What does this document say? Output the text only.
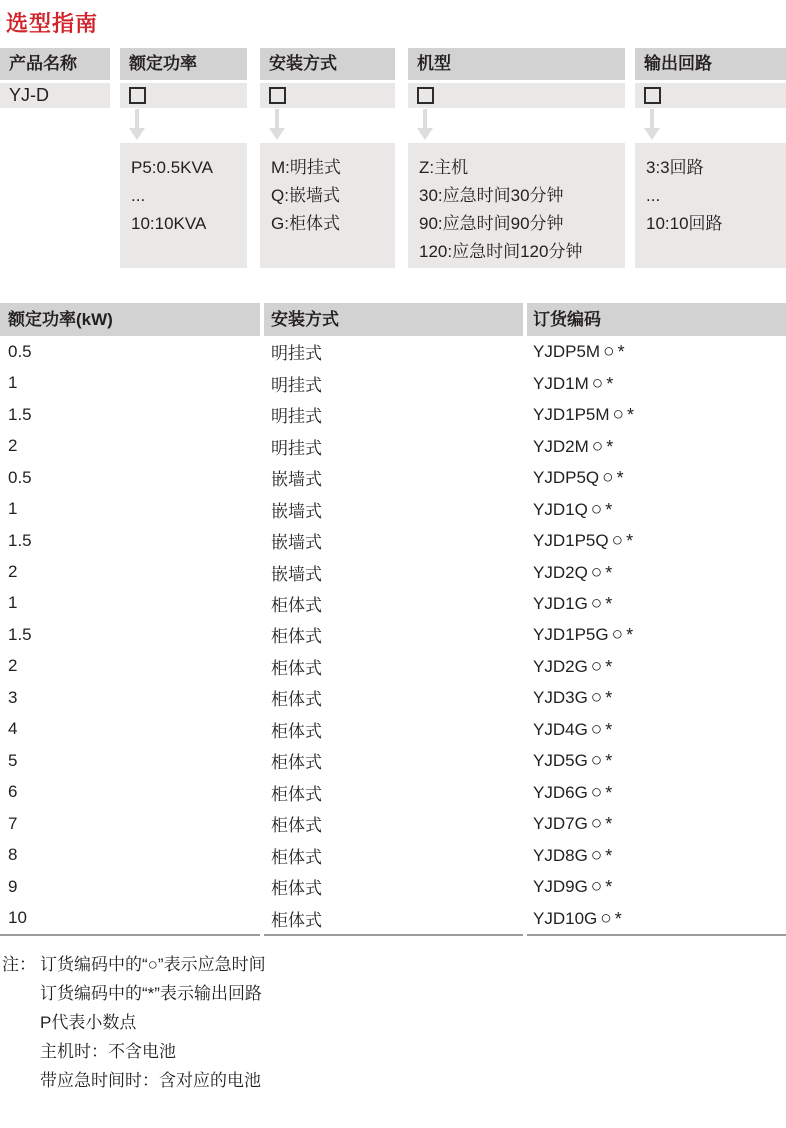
选型指南
产品名称	额定功率	安装方式	机型	输出回路
YJ-D
P5:0.5KVA
...
10:10KVA
M:明挂式
Q:嵌墙式
G:柜体式
Z:主机
30:应急时间30分钟
90:应急时间90分钟
120:应急时间120分钟
3:3回路
...
10:10回路
额定功率(kW)	安装方式	订货编码
0.5	明挂式	YJDP5M ○ *
1	明挂式	YJD1M ○ *
1.5	明挂式	YJD1P5M ○ *
2	明挂式	YJD2M ○ *
0.5	嵌墙式	YJDP5Q ○ *
1	嵌墙式	YJD1Q ○ *
1.5	嵌墙式	YJD1P5Q ○ *
2	嵌墙式	YJD2Q ○ *
1	柜体式	YJD1G ○ *
1.5	柜体式	YJD1P5G ○ *
2	柜体式	YJD2G ○ *
3	柜体式	YJD3G ○ *
4	柜体式	YJD4G ○ *
5	柜体式	YJD5G ○ *
6	柜体式	YJD6G ○ *
7	柜体式	YJD7G ○ *
8	柜体式	YJD8G ○ *
9	柜体式	YJD9G ○ *
10	柜体式	YJD10G ○ *
注： 订货编码中的“○”表示应急时间
订货编码中的“*”表示输出回路
P代表小数点
主机时：不含电池
带应急时间时：含对应的电池
